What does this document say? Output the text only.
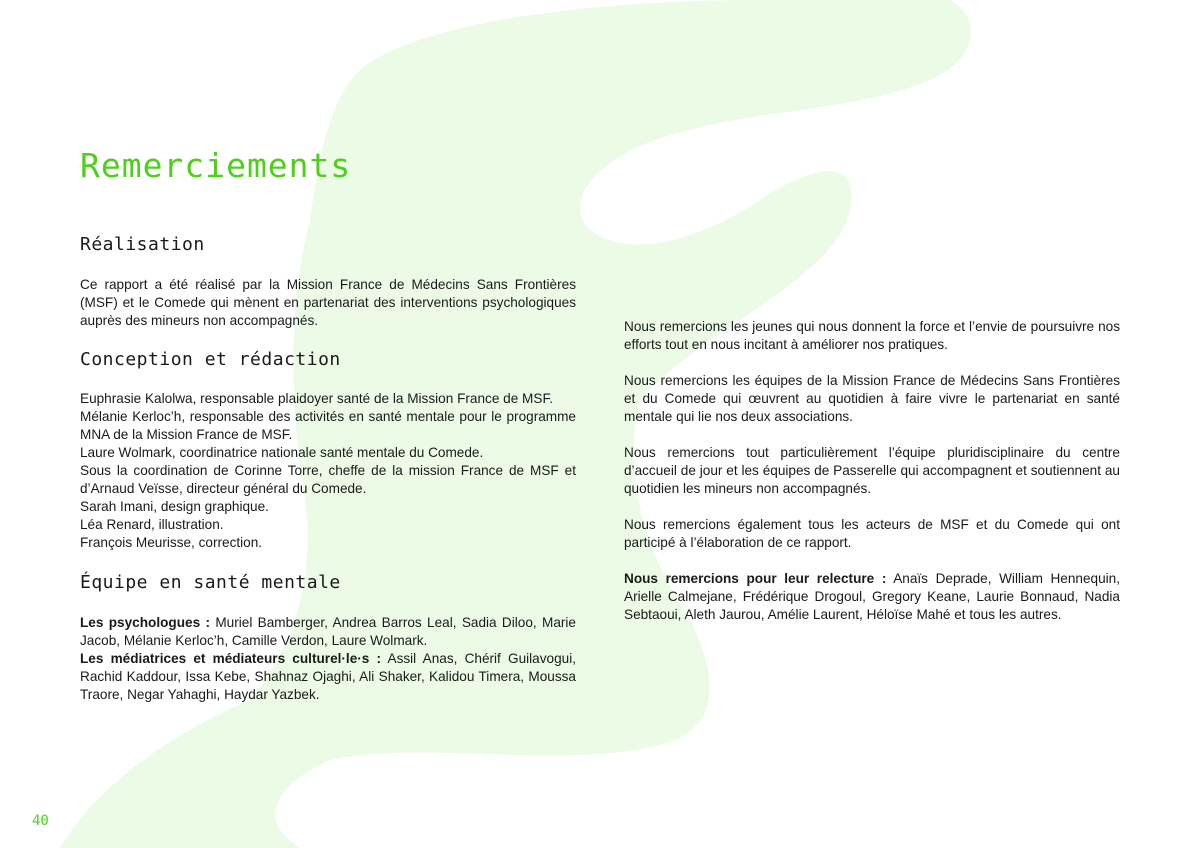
Remerciements
Réalisation

Ce rapport a été réalisé par la Mission France de Médecins Sans Frontières (MSF) et le Comede qui mènent en partenariat des interventions psychologiques auprès des mineurs non accompagnés.

Conception et rédaction
Euphrasie Kalolwa, responsable plaidoyer santé de la Mission France de MSF.
Mélanie Kerloc’h, responsable des activités en santé mentale pour le programme MNA de la Mission France de MSF.
Laure Wolmark, coordinatrice nationale santé mentale du Comede.
Sous la coordination de Corinne Torre, cheffe de la mission France de MSF et d’Arnaud Veïsse, directeur général du Comede.
Sarah Imani, design graphique.
Léa Renard, illustration.
François Meurisse, correction.
Équipe en santé mentale

Les psychologues : Muriel Bamberger, Andrea Barros Leal, Sadia Diloo, Marie Jacob, Mélanie Kerloc’h, Camille Verdon, Laure Wolmark.

Les médiatrices et médiateurs culturel·le·s : Assil Anas, Chérif Guilavogui, Rachid Kaddour, Issa Kebe, Shahnaz Ojaghi, Ali Shaker, Kalidou Timera, Moussa Traore, Negar Yahaghi, Haydar Yazbek.

Nous remercions les jeunes qui nous donnent la force et l’envie de poursuivre nos efforts tout en nous incitant à améliorer nos pratiques.

Nous remercions les équipes de la Mission France de Médecins Sans Frontières et du Comede qui œuvrent au quotidien à faire vivre le partenariat en santé mentale qui lie nos deux associations.

Nous remercions tout particulièrement l’équipe pluridisciplinaire du centre d’accueil de jour et les équipes de Passerelle qui accompagnent et soutiennent au quotidien les mineurs non accompagnés.

Nous remercions également tous les acteurs de MSF et du Comede qui ont participé à l’élaboration de ce rapport.

Nous remercions pour leur relecture : Anaïs Deprade, William Hennequin, Arielle Calmejane, Frédérique Drogoul, Gregory Keane, Laurie Bonnaud, Nadia Sebtaoui, Aleth Jaurou, Amélie Laurent, Héloïse Mahé et tous les autres.

40
